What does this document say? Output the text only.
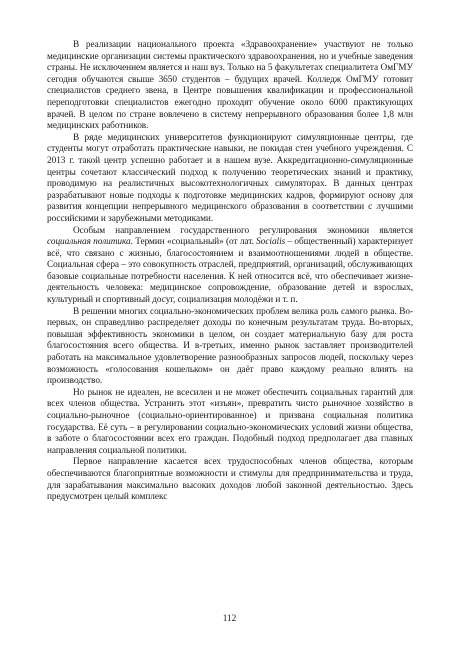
В реализации национального проекта «Здравоохранение» участвуют не только медицинские организации системы практического здравоохранения, но и учебные заведения страны. Не исключением является и наш вуз. Только на 5 факультетах специалитета ОмГМУ сегодня обучаются свыше 3650 студентов – будущих врачей. Колледж ОмГМУ готовит специалистов среднего звена, в Центре повышения квалификации и профессиональной переподготовки специалистов ежегодно проходят обучение около 6000 практикующих врачей. В целом по стране вовлечено в систему непрерывного образования более 1,8 млн медицинских работников.

В ряде медицинских университетов функционируют симуляционные центры, где студенты могут отработать практические навыки, не покидая стен учебного учреждения. С 2013 г. такой центр успешно работает и в нашем вузе. Аккредитационно-симуляционные центры сочетают классический подход к получению теоретических знаний и практику, проводимую на реалистичных высокотехнологичных симуляторах. В данных центрах разрабатывают новые подходы к подготовке медицинских кадров, формируют основу для развития концепции непрерывного медицинского образования в соответствии с лучшими российскими и зарубежными методиками.

Особым направлением государственного регулирования экономики является социальная политика. Термин «социальный» (от лат. Socialis – общественный) характеризует всё, что связано с жизнью, благосостоянием и взаимоотношениями людей в обществе. Социальная сфера – это совокупность отраслей, предприятий, организаций, обслуживающих базовые социальные потребности населения. К ней относится всё, что обеспечивает жизне-деятельность человека: медицинское сопровождение, образование детей и взрослых, культурный и спортивный досуг, социализация молодёжи и т. п.

В решении многих социально-экономических проблем велика роль самого рынка. Во-первых, он справедливо распределяет доходы по конечным результатам труда. Во-вторых, повышая эффективность экономики в целом, он создает материальную базу для роста благосостояния всего общества. И в-третьих, именно рынок заставляет производителей работать на максимальное удовлетворение разнообразных запросов людей, поскольку через возможность «голосования кошельком» он даёт право каждому реально влиять на производство.

Но рынок не идеален, не всесилен и не может обеспечить социальных гарантий для всех членов общества. Устранить этот «изъян», превратить чисто рыночное хозяйство в социально-рыночное (социально-ориентированное) и призвана социальная политика государства. Её суть – в регулировании социально-экономических условий жизни общества, в заботе о благосостоянии всех его граждан. Подобный подход предполагает два главных направления социальной политики.

Первое направление касается всех трудоспособных членов общества, которым обеспечиваются благоприятные возможности и стимулы для предпринимательства и труда, для зарабатывания максимально высоких доходов любой законной деятельностью. Здесь предусмотрен целый комплекс

112
